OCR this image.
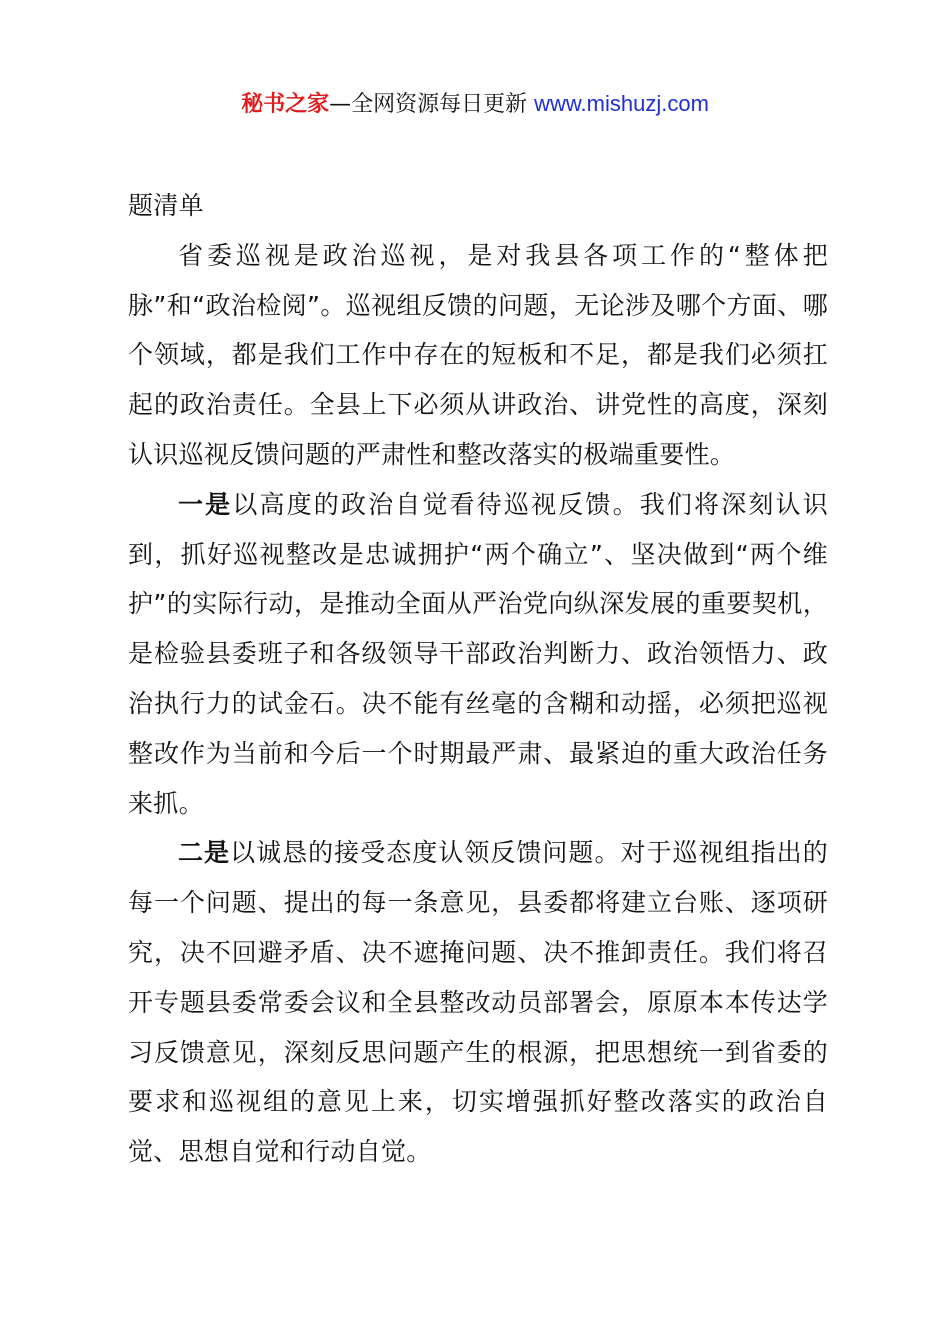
秘书之家—全网资源每日更新 www.mishuzj.com

题清单

省委巡视是政治巡视，是对我县各项工作的“整体把脉”和“政治检阅”。巡视组反馈的问题，无论涉及哪个方面、哪个领域，都是我们工作中存在的短板和不足，都是我们必须扛起的政治责任。全县上下必须从讲政治、讲党性的高度，深刻认识巡视反馈问题的严肃性和整改落实的极端重要性。

一是以高度的政治自觉看待巡视反馈。我们将深刻认识到，抓好巡视整改是忠诚拥护“两个确立”、坚决做到“两个维护”的实际行动，是推动全面从严治党向纵深发展的重要契机，是检验县委班子和各级领导干部政治判断力、政治领悟力、政治执行力的试金石。决不能有丝毫的含糊和动摇，必须把巡视整改作为当前和今后一个时期最严肃、最紧迫的重大政治任务来抓。

二是以诚恳的接受态度认领反馈问题。对于巡视组指出的每一个问题、提出的每一条意见，县委都将建立台账、逐项研究，决不回避矛盾、决不遮掩问题、决不推卸责任。我们将召开专题县委常委会议和全县整改动员部署会，原原本本传达学习反馈意见，深刻反思问题产生的根源，把思想统一到省委的要求和巡视组的意见上来，切实增强抓好整改落实的政治自觉、思想自觉和行动自觉。
